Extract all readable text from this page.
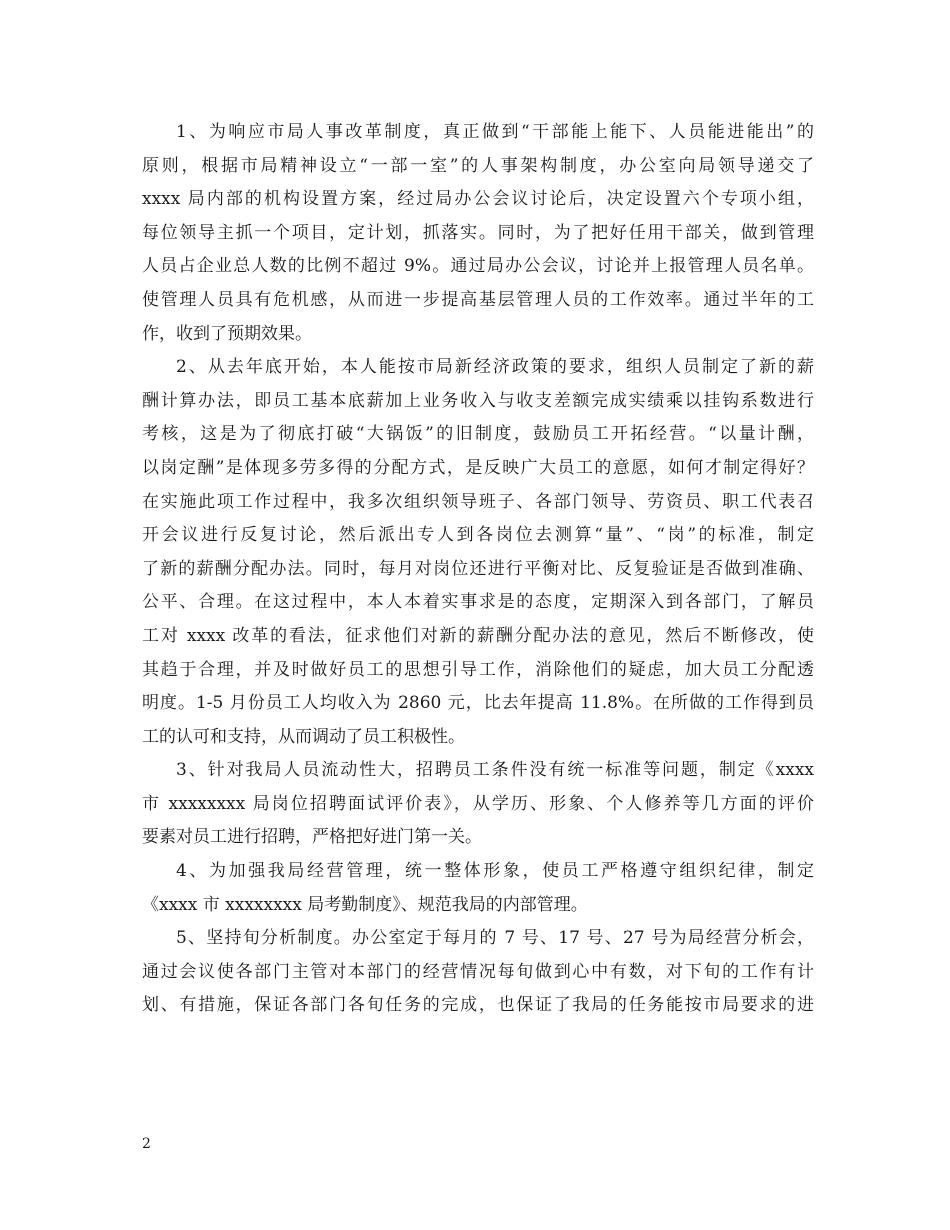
1、为响应市局人事改革制度，真正做到“干部能上能下、人员能进能出”的
原则，根据市局精神设立“一部一室”的人事架构制度，办公室向局领导递交了
xxxx 局内部的机构设置方案，经过局办公会议讨论后，决定设置六个专项小组，
每位领导主抓一个项目，定计划，抓落实。同时，为了把好任用干部关，做到管理
人员占企业总人数的比例不超过 9%。通过局办公会议，讨论并上报管理人员名单。
使管理人员具有危机感，从而进一步提高基层管理人员的工作效率。通过半年的工
作，收到了预期效果。
2、从去年底开始，本人能按市局新经济政策的要求，组织人员制定了新的薪
酬计算办法，即员工基本底薪加上业务收入与收支差额完成实绩乘以挂钩系数进行
考核，这是为了彻底打破“大锅饭”的旧制度，鼓励员工开拓经营。“以量计酬，
以岗定酬”是体现多劳多得的分配方式，是反映广大员工的意愿，如何才制定得好？
在实施此项工作过程中，我多次组织领导班子、各部门领导、劳资员、职工代表召
开会议进行反复讨论，然后派出专人到各岗位去测算“量”、“岗”的标准，制定
了新的薪酬分配办法。同时，每月对岗位还进行平衡对比、反复验证是否做到准确、
公平、合理。在这过程中，本人本着实事求是的态度，定期深入到各部门，了解员
工对 xxxx 改革的看法，征求他们对新的薪酬分配办法的意见，然后不断修改，使
其趋于合理，并及时做好员工的思想引导工作，消除他们的疑虑，加大员工分配透
明度。1-5 月份员工人均收入为 2860 元，比去年提高 11.8%。在所做的工作得到员
工的认可和支持，从而调动了员工积极性。
3、针对我局人员流动性大，招聘员工条件没有统一标准等问题，制定《xxxx
市 xxxxxxxx 局岗位招聘面试评价表》，从学历、形象、个人修养等几方面的评价
要素对员工进行招聘，严格把好进门第一关。
4、为加强我局经营管理，统一整体形象，使员工严格遵守组织纪律，制定
《xxxx 市 xxxxxxxx 局考勤制度》、规范我局的内部管理。
5、坚持旬分析制度。办公室定于每月的 7 号、17 号、27 号为局经营分析会，
通过会议使各部门主管对本部门的经营情况每旬做到心中有数，对下旬的工作有计
划、有措施，保证各部门各旬任务的完成，也保证了我局的任务能按市局要求的进
2
